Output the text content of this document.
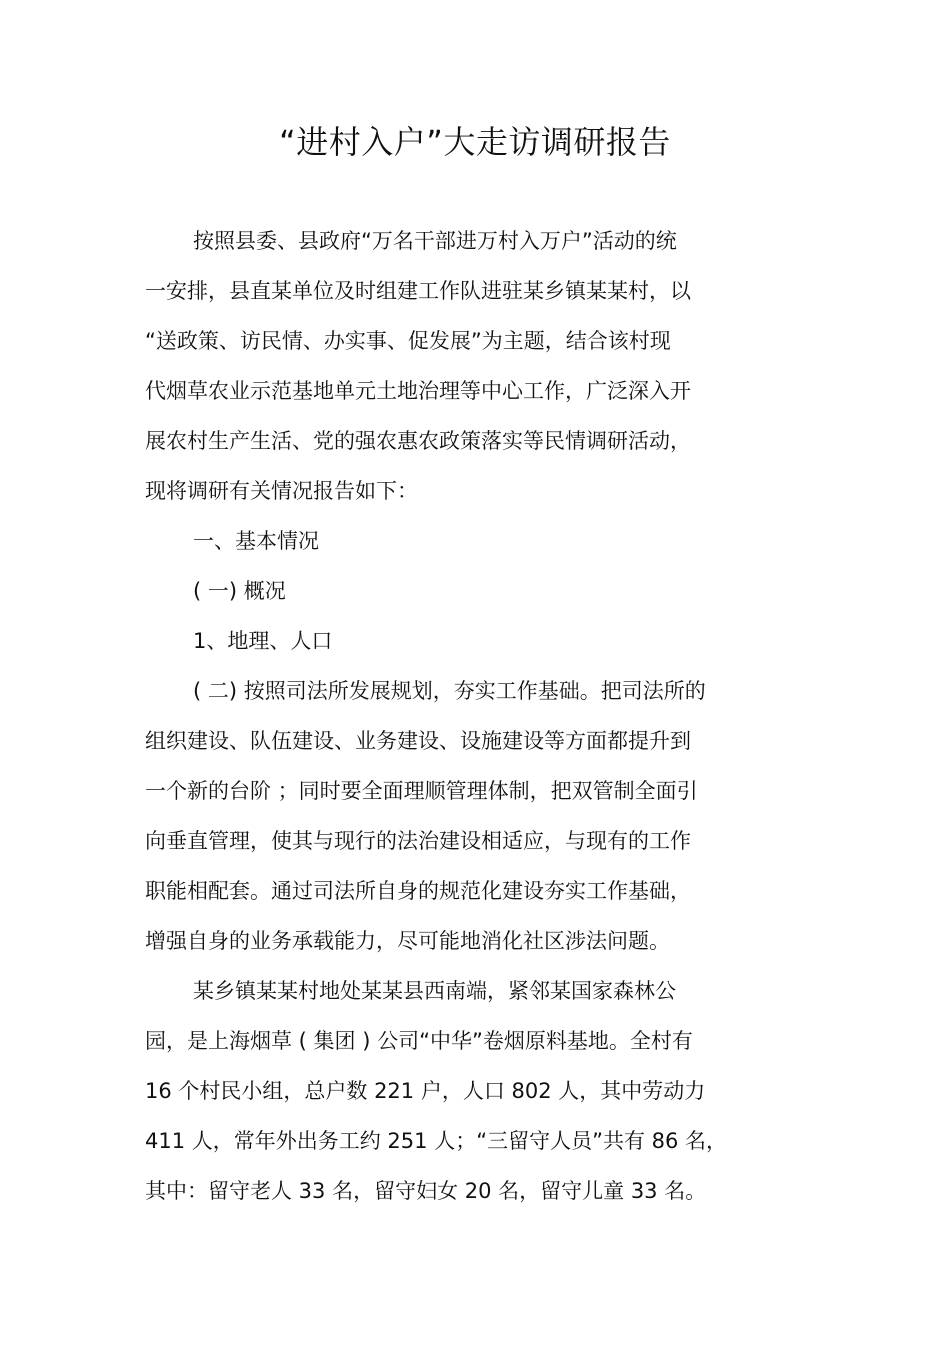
“进村入户”大走访调研报告
按照县委、县政府“万名干部进万村入万户”活动的统
一安排，县直某单位及时组建工作队进驻某乡镇某某村，以
“送政策、访民情、办实事、促发展”为主题，结合该村现
代烟草农业示范基地单元土地治理等中心工作，广泛深入开
展农村生产生活、党的强农惠农政策落实等民情调研活动，
现将调研有关情况报告如下：
一、基本情况
( 一) 概况
1、地理、人口
( 二) 按照司法所发展规划，夯实工作基础。把司法所的
组织建设、队伍建设、业务建设、设施建设等方面都提升到
一个新的台阶 ；同时要全面理顺管理体制，把双管制全面引
向垂直管理，使其与现行的法治建设相适应，与现有的工作
职能相配套。通过司法所自身的规范化建设夯实工作基础，
增强自身的业务承载能力，尽可能地消化社区涉法问题。
某乡镇某某村地处某某县西南端，紧邻某国家森林公
园，是上海烟草 ( 集团 ) 公司“中华”卷烟原料基地。全村有
16 个村民小组，总户数 221 户，人口 802 人，其中劳动力
411 人，常年外出务工约 251 人；“三留守人员”共有 86 名，
其中：留守老人 33 名，留守妇女 20 名，留守儿童 33 名。
